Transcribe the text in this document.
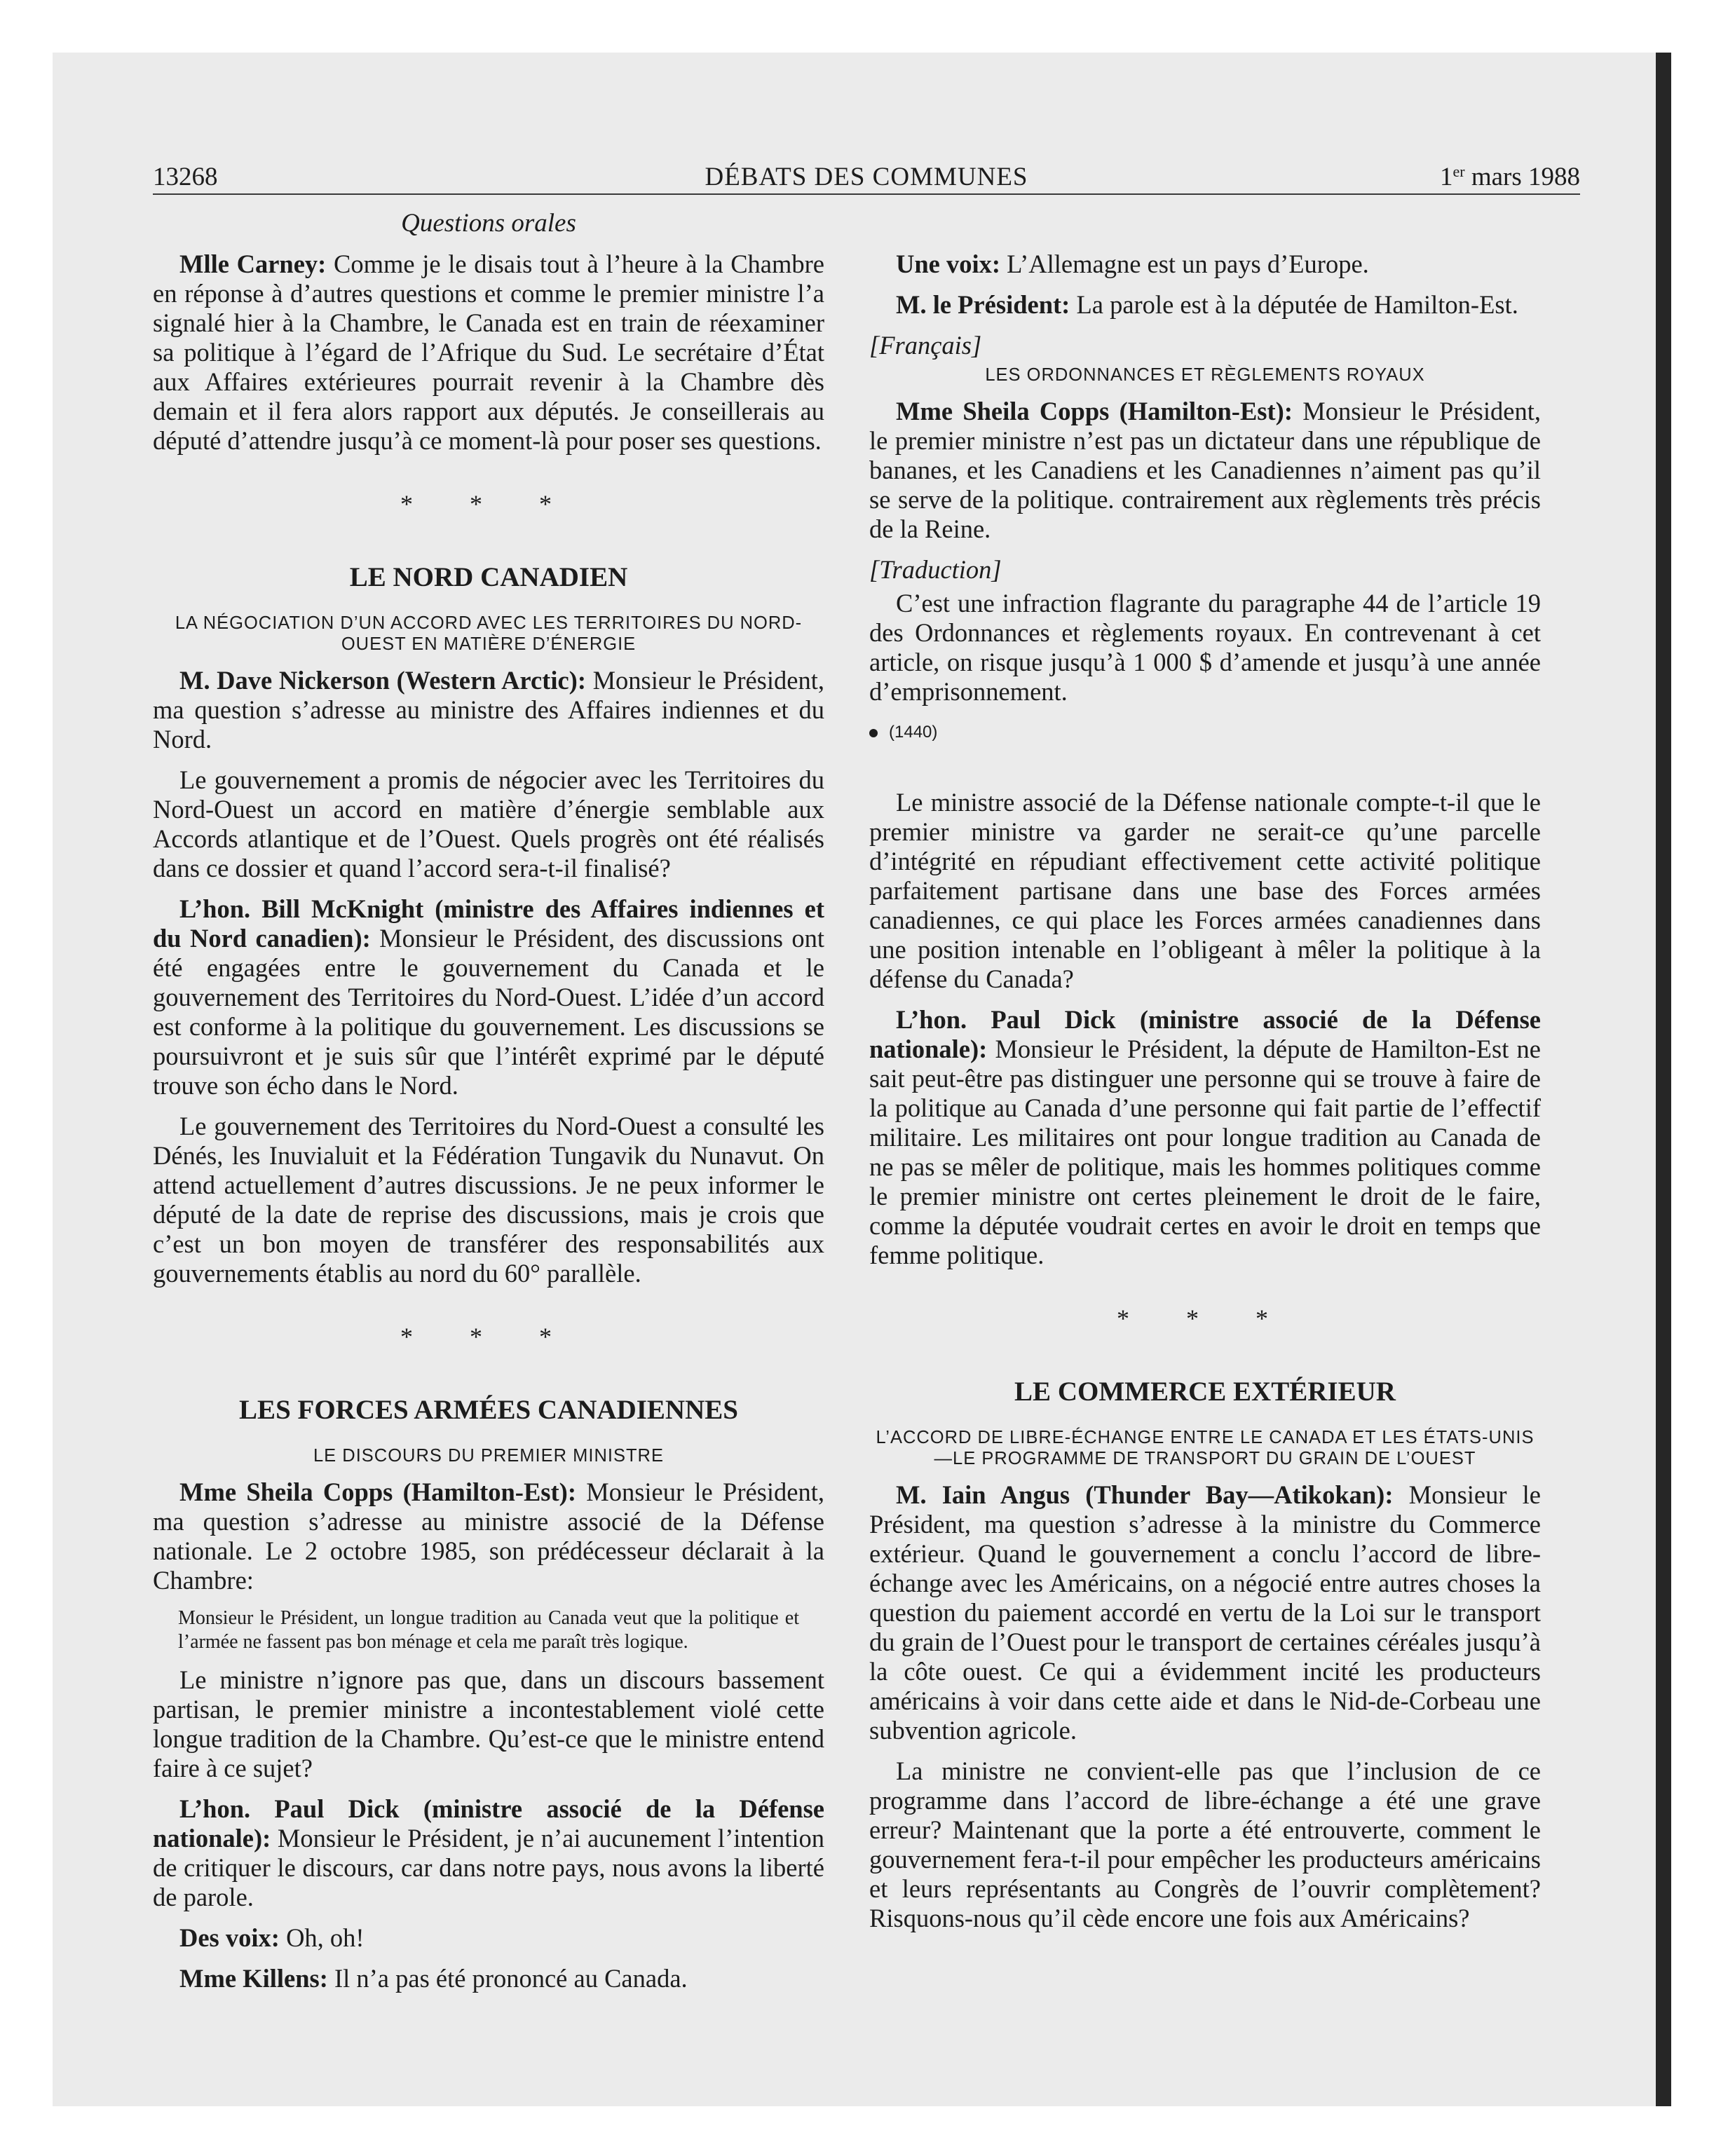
13268	DÉBATS DES COMMUNES	1er mars 1988
Questions orales

Mlle Carney: Comme je le disais tout à l’heure à la Chambre en réponse à d’autres questions et comme le premier ministre l’a signalé hier à la Chambre, le Canada est en train de réexaminer sa politique à l’égard de l’Afrique du Sud. Le secrétaire d’État aux Affaires extérieures pourrait revenir à la Chambre dès demain et il fera alors rapport aux députés. Je conseillerais au député d’attendre jusqu’à ce moment-là pour poser ses questions.

* * *
LE NORD CANADIEN
LA NÉGOCIATION D’UN ACCORD AVEC LES TERRITOIRES DU NORD-OUEST EN MATIÈRE D’ÉNERGIE

M. Dave Nickerson (Western Arctic): Monsieur le Président, ma question s’adresse au ministre des Affaires indiennes et du Nord.

Le gouvernement a promis de négocier avec les Territoires du Nord-Ouest un accord en matière d’énergie semblable aux Accords atlantique et de l’Ouest. Quels progrès ont été réalisés dans ce dossier et quand l’accord sera-t-il finalisé?

L’hon. Bill McKnight (ministre des Affaires indiennes et du Nord canadien): Monsieur le Président, des discussions ont été engagées entre le gouvernement du Canada et le gouvernement des Territoires du Nord-Ouest. L’idée d’un accord est conforme à la politique du gouvernement. Les discussions se poursuivront et je suis sûr que l’intérêt exprimé par le député trouve son écho dans le Nord.

Le gouvernement des Territoires du Nord-Ouest a consulté les Dénés, les Inuvialuit et la Fédération Tungavik du Nunavut. On attend actuellement d’autres discussions. Je ne peux informer le député de la date de reprise des discussions, mais je crois que c’est un bon moyen de transférer des responsabilités aux gouvernements établis au nord du 60° parallèle.

* * *
LES FORCES ARMÉES CANADIENNES
LE DISCOURS DU PREMIER MINISTRE

Mme Sheila Copps (Hamilton-Est): Monsieur le Président, ma question s’adresse au ministre associé de la Défense nationale. Le 2 octobre 1985, son prédécesseur déclarait à la Chambre:

Monsieur le Président, un longue tradition au Canada veut que la politique et l’armée ne fassent pas bon ménage et cela me paraît très logique.

Le ministre n’ignore pas que, dans un discours bassement partisan, le premier ministre a incontestablement violé cette longue tradition de la Chambre. Qu’est-ce que le ministre entend faire à ce sujet?

L’hon. Paul Dick (ministre associé de la Défense nationale): Monsieur le Président, je n’ai aucunement l’intention de critiquer le discours, car dans notre pays, nous avons la liberté de parole.

Des voix: Oh, oh!

Mme Killens: Il n’a pas été prononcé au Canada.

Une voix: L’Allemagne est un pays d’Europe.

M. le Président: La parole est à la députée de Hamilton-Est.

[Français]

LES ORDONNANCES ET RÈGLEMENTS ROYAUX

Mme Sheila Copps (Hamilton-Est): Monsieur le Président, le premier ministre n’est pas un dictateur dans une république de bananes, et les Canadiens et les Canadiennes n’aiment pas qu’il se serve de la politique. contrairement aux règlements très précis de la Reine.

[Traduction]

C’est une infraction flagrante du paragraphe 44 de l’article 19 des Ordonnances et règlements royaux. En contrevenant à cet article, on risque jusqu’à 1 000 $ d’amende et jusqu’à une année d’emprisonnement.

(1440)

Le ministre associé de la Défense nationale compte-t-il que le premier ministre va garder ne serait-ce qu’une parcelle d’intégrité en répudiant effectivement cette activité politique parfaitement partisane dans une base des Forces armées canadiennes, ce qui place les Forces armées canadiennes dans une position intenable en l’obligeant à mêler la politique à la défense du Canada?

L’hon. Paul Dick (ministre associé de la Défense nationale): Monsieur le Président, la députe de Hamilton-Est ne sait peut-être pas distinguer une personne qui se trouve à faire de la politique au Canada d’une personne qui fait partie de l’effectif militaire. Les militaires ont pour longue tradition au Canada de ne pas se mêler de politique, mais les hommes politiques comme le premier ministre ont certes pleinement le droit de le faire, comme la députée voudrait certes en avoir le droit en temps que femme politique.

* * *
LE COMMERCE EXTÉRIEUR
L’ACCORD DE LIBRE-ÉCHANGE ENTRE LE CANADA ET LES ÉTATS-UNIS—LE PROGRAMME DE TRANSPORT DU GRAIN DE L’OUEST

M. Iain Angus (Thunder Bay—Atikokan): Monsieur le Président, ma question s’adresse à la ministre du Commerce extérieur. Quand le gouvernement a conclu l’accord de libre-échange avec les Américains, on a négocié entre autres choses la question du paiement accordé en vertu de la Loi sur le transport du grain de l’Ouest pour le transport de certaines céréales jusqu’à la côte ouest. Ce qui a évidemment incité les producteurs américains à voir dans cette aide et dans le Nid-de-Corbeau une subvention agricole.

La ministre ne convient-elle pas que l’inclusion de ce programme dans l’accord de libre-échange a été une grave erreur? Maintenant que la porte a été entrouverte, comment le gouvernement fera-t-il pour empêcher les producteurs américains et leurs représentants au Congrès de l’ouvrir complètement? Risquons-nous qu’il cède encore une fois aux Américains?
